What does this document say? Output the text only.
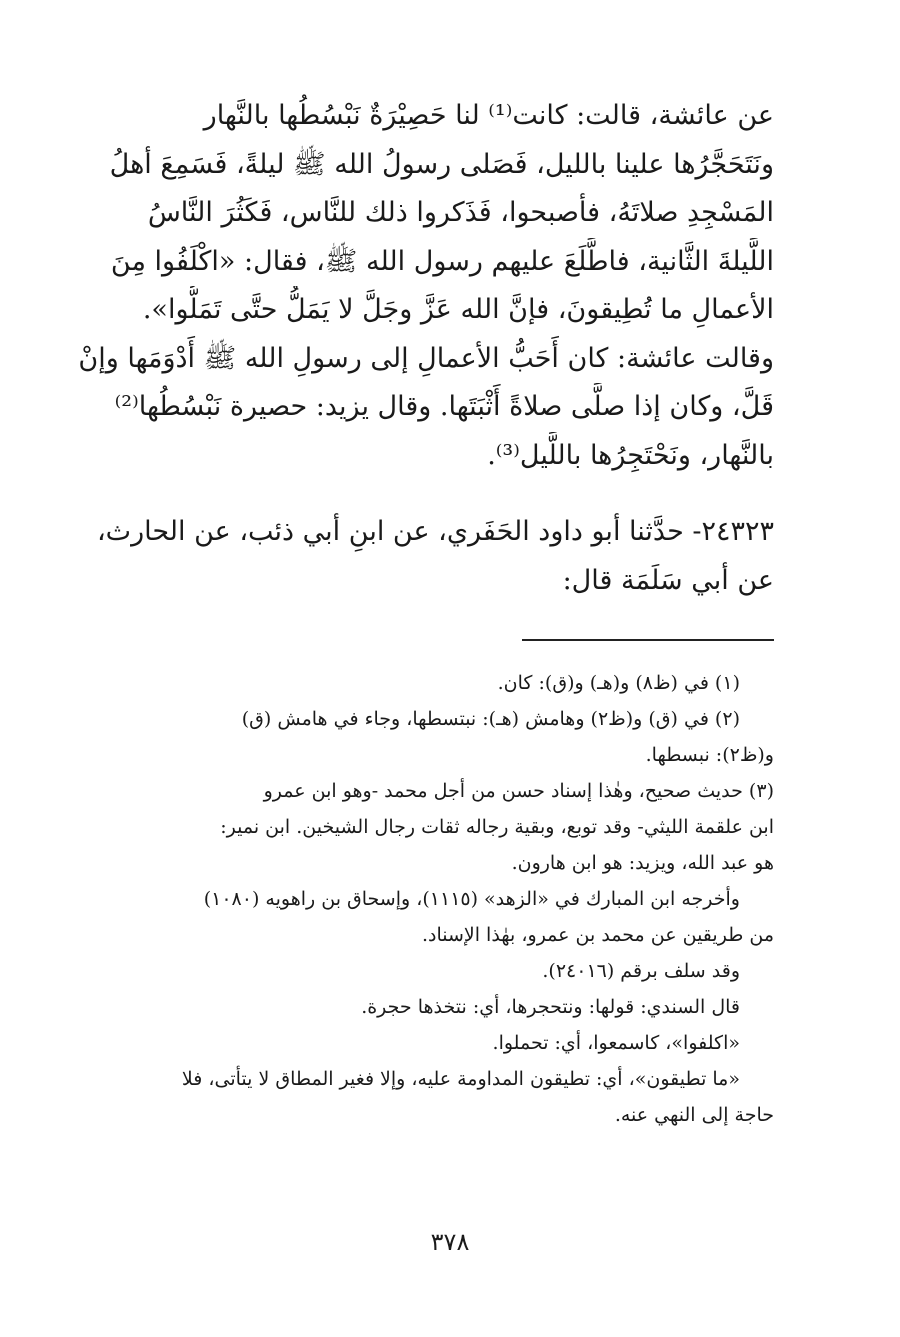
عن عائشة، قالت: كانت⁽¹⁾ لنا حَصِيْرَةٌ نَبْسُطُها بالنَّهار
ونَتَحَجَّرُها علينا بالليل، فَصَلى رسولُ الله ﷺ ليلةً، فَسَمِعَ أهلُ
المَسْجِدِ صلاتَهُ، فأصبحوا، فَذَكروا ذلك للنَّاس، فَكَثُرَ النَّاسُ
اللَّيلةَ الثَّانية، فاطَّلَعَ عليهم رسول الله ﷺ، فقال: «اكْلَفُوا مِنَ
الأعمالِ ما تُطِيقونَ، فإنَّ الله عَزَّ وجَلَّ لا يَمَلُّ حتَّى تَمَلُّوا».
وقالت عائشة: كان أَحَبُّ الأعمالِ إلى رسولِ الله ﷺ أَدْوَمَها وإنْ
قَلَّ، وكان إذا صلَّى صلاةً أَثْبَتَها. وقال يزيد: حصيرة نَبْسُطُها⁽²⁾
بالنَّهار، ونَحْتَجِرُها باللَّيل⁽³⁾.
٢٤٣٢٣- حدَّثنا أبو داود الحَفَري، عن ابنِ أبي ذئب، عن الحارث،
عن أبي سَلَمَة قال:
(١) في (ظ٨) و(هـ) و(ق): كان.
(٢) في (ق) و(ظ٢) وهامش (هـ): نبتسطها، وجاء في هامش (ق)
و(ظ٢): نبسطها.
(٣) حديث صحيح، وهٰذا إسناد حسن من أجل محمد -وهو ابن عمرو
ابن علقمة الليثي- وقد توبع، وبقية رجاله ثقات رجال الشيخين. ابن نمير:
هو عبد الله، ويزيد: هو ابن هارون.
وأخرجه ابن المبارك في «الزهد» (١١١٥)، وإسحاق بن راهويه (١٠٨٠)
من طريقين عن محمد بن عمرو، بهٰذا الإسناد.
وقد سلف برقم (٢٤٠١٦).
قال السندي: قولها: ونتحجرها، أي: نتخذها حجرة.
«اكلفوا»، كاسمعوا، أي: تحملوا.
«ما تطيقون»، أي: تطيقون المداومة عليه، وإلا فغير المطاق لا يتأتى، فلا
حاجة إلى النهي عنه.
٣٧٨
